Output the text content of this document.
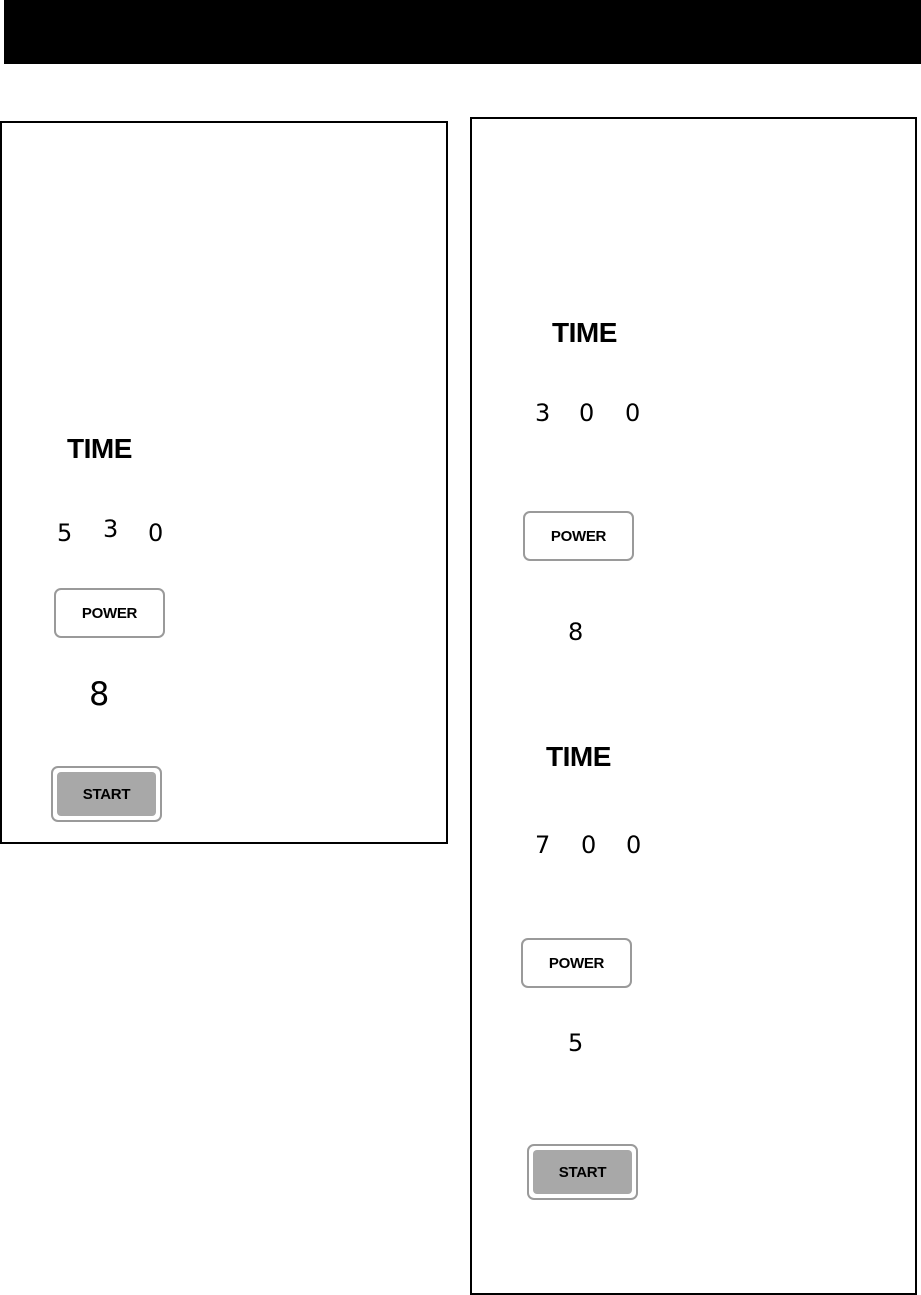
TIME
5 3 0
POWER
8
START
TIME
3 0 0
POWER
8
TIME
7 0 0
POWER
5
START
